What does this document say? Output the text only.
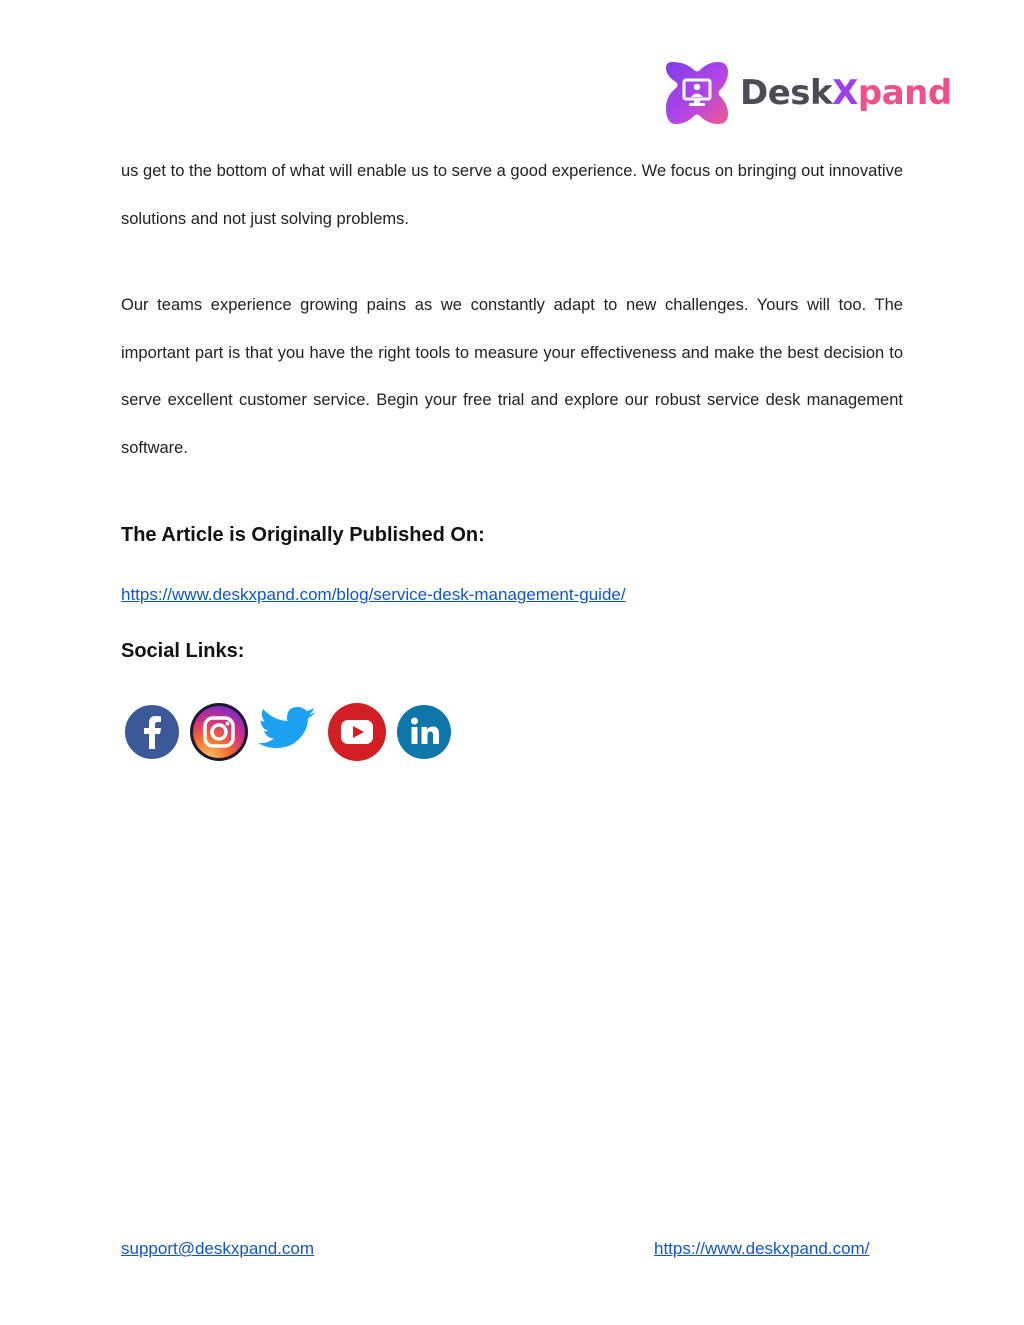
DeskXpand

us get to the bottom of what will enable us to serve a good experience. We focus on bringing out innovative solutions and not just solving problems.

Our teams experience growing pains as we constantly adapt to new challenges. Yours will too. The important part is that you have the right tools to measure your effectiveness and make the best decision to serve excellent customer service. Begin your free trial and explore our robust service desk management software.

The Article is Originally Published On:
https://www.deskxpand.com/blog/service-desk-management-guide/
Social Links:
support@deskxpand.com	https://www.deskxpand.com/
